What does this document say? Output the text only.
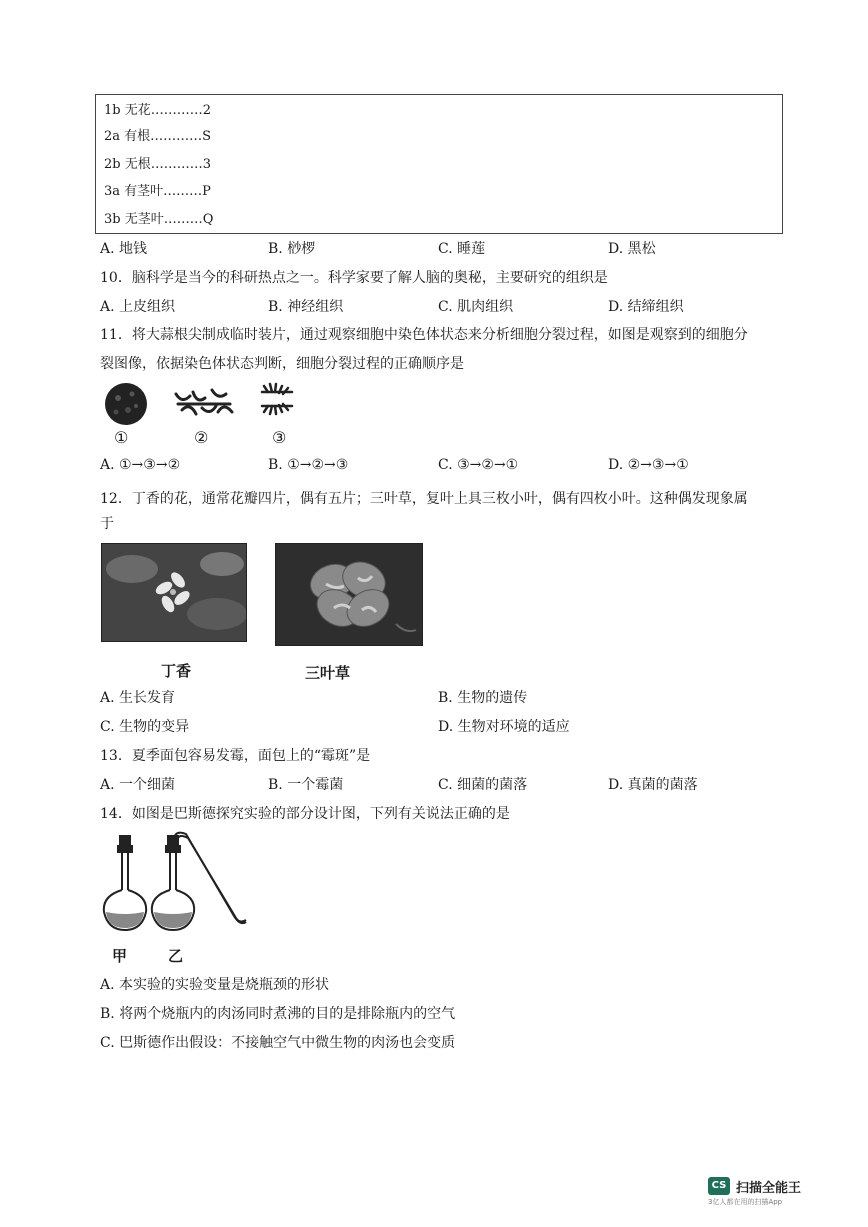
1b 无花…………2
2a 有根…………S
2b 无根…………3
3a 有茎叶………P
3b 无茎叶………Q
A. 地钱	B. 桫椤	C. 睡莲	D. 黑松
10．脑科学是当今的科研热点之一。科学家要了解人脑的奥秘，主要研究的组织是
A. 上皮组织	B. 神经组织	C. 肌肉组织	D. 结缔组织
11．将大蒜根尖制成临时装片，通过观察细胞中染色体状态来分析细胞分裂过程，如图是观察到的细胞分
裂图像，依据染色体状态判断，细胞分裂过程的正确顺序是
①	②	③
A. ①→③→②	B. ①→②→③	C. ③→②→①	D. ②→③→①
12．丁香的花，通常花瓣四片，偶有五片；三叶草，复叶上具三枚小叶，偶有四枚小叶。这种偶发现象属
于
丁香	三叶草
A. 生长发育	B. 生物的遗传
C. 生物的变异	D. 生物对环境的适应
13．夏季面包容易发霉，面包上的“霉斑”是
A. 一个细菌	B. 一个霉菌	C. 细菌的菌落	D. 真菌的菌落
14．如图是巴斯德探究实验的部分设计图，下列有关说法正确的是
甲	乙
A. 本实验的实验变量是烧瓶颈的形状
B. 将两个烧瓶内的肉汤同时煮沸的目的是排除瓶内的空气
C. 巴斯德作出假设：不接触空气中微生物的肉汤也会变质
CS 扫描全能王
3亿人都在用的扫描App
